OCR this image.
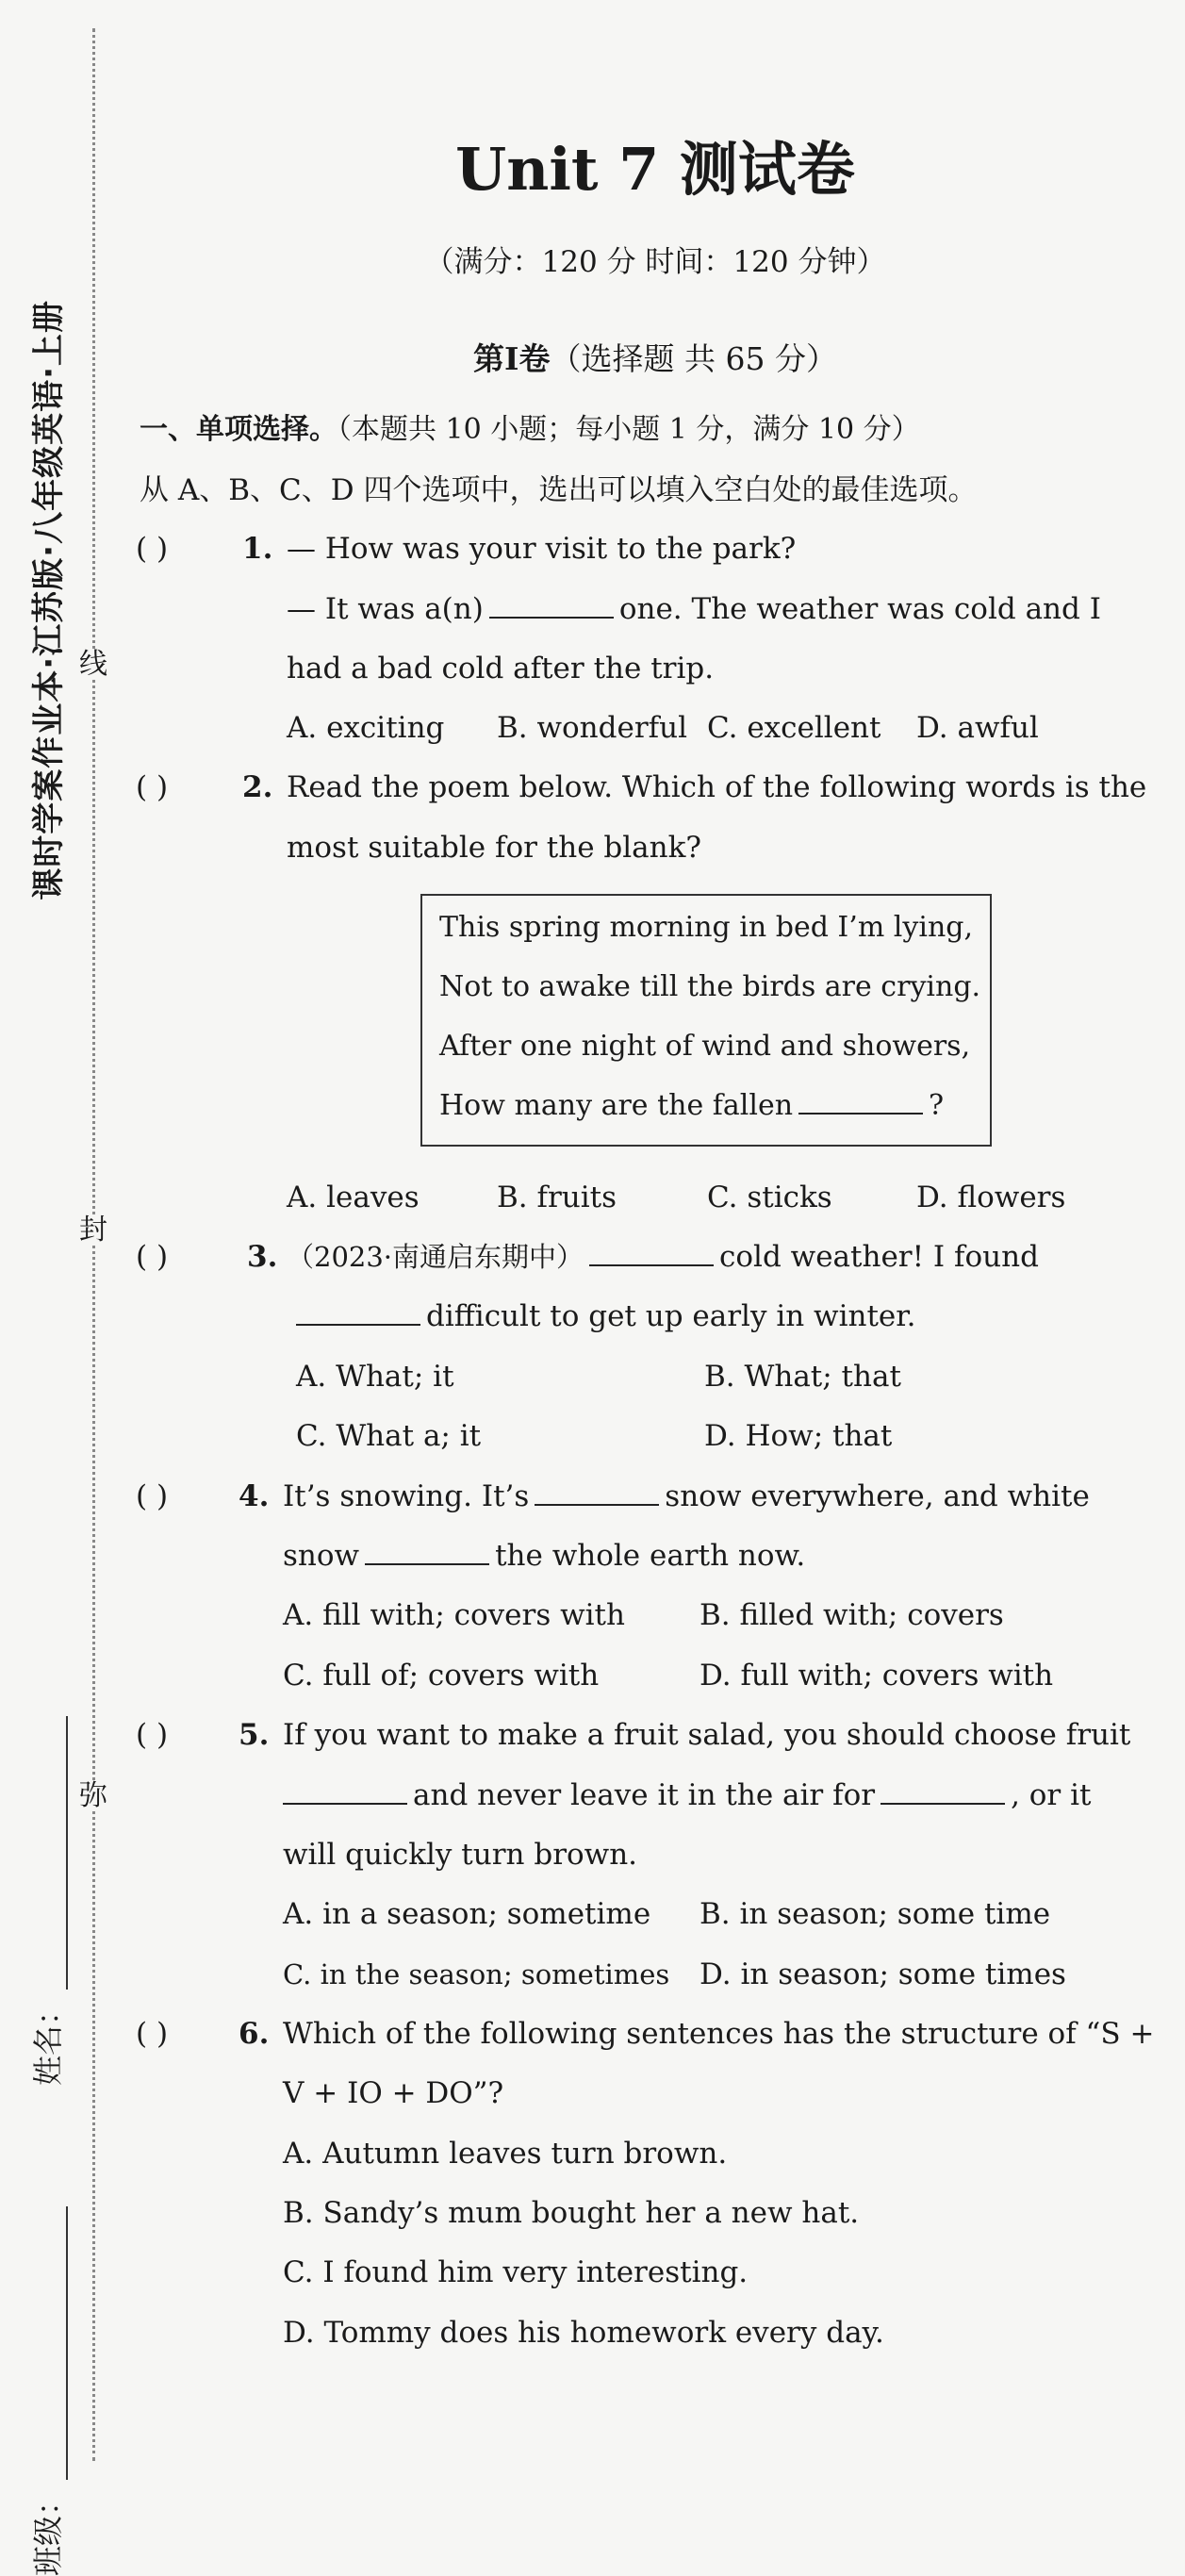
线
封
弥
课时学案作业本·江苏版·八年级英语·上册
姓名：
班级：
Unit 7 测试卷
（满分：120 分 时间：120 分钟）
第Ⅰ卷（选择题 共 65 分）
一、单项选择。（本题共 10 小题；每小题 1 分，满分 10 分）
从 A、B、C、D 四个选项中，选出可以填入空白处的最佳选项。
( )	1. — How was your visit to the park?
— It was a(n)	one. The weather was cold and I
had a bad cold after the trip.
A. exciting B. wonderful C. excellent D. awful
( )	2. Read the poem below. Which of the following words is the
most suitable for the blank?
This spring morning in bed I’m lying,
Not to awake till the birds are crying.
After one night of wind and showers,
How many are the fallen	?
A. leaves	B. fruits	C. sticks	D. flowers
( )	3. （2023·南通启东期中）	cold weather! I found
difficult to get up early in winter.
A. What; it	B. What; that
C. What a; it	D. How; that
( ) 4. It’s snowing. It’s	snow everywhere, and white
snow	the whole earth now.
A. fill with; covers with	B. filled with; covers
C. full of; covers with	D. full with; covers with
( ) 5. If you want to make a fruit salad, you should choose fruit
and never leave it in the air for	, or it
will quickly turn brown.
A. in a season; sometime B. in season; some time
C. in the season; sometimes D. in season; some times
( ) 6. Which of the following sentences has the structure of “S +
V + IO + DO”?
A. Autumn leaves turn brown.
B. Sandy’s mum bought her a new hat.
C. I found him very interesting.
D. Tommy does his homework every day.
